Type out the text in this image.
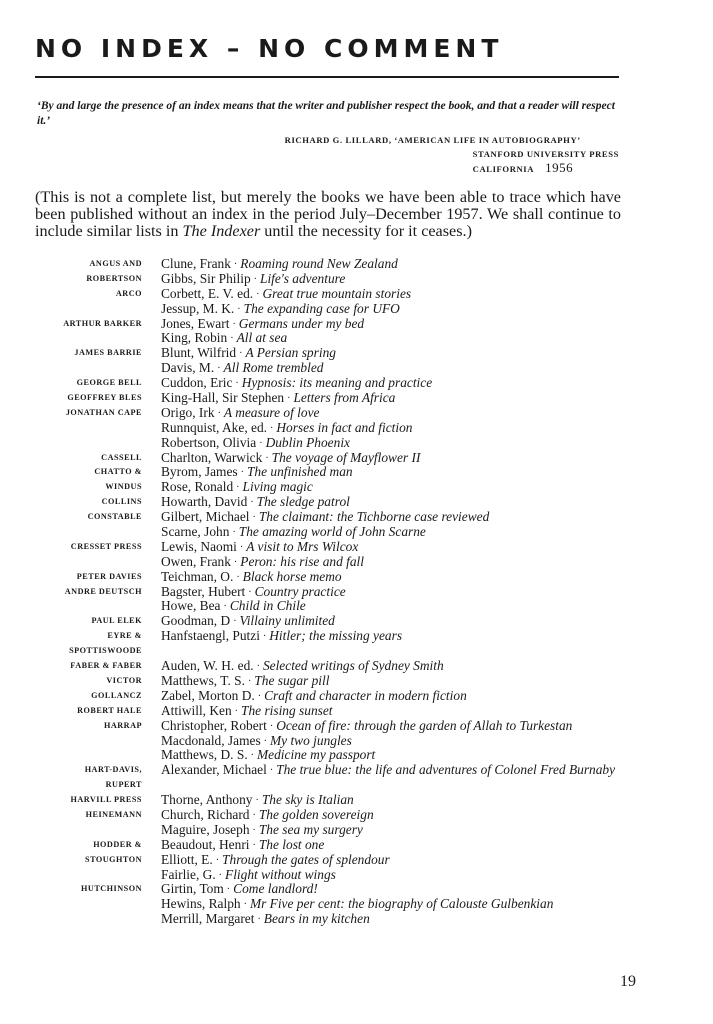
NO INDEX – NO COMMENT
‘By and large the presence of an index means that the writer and publisher respect the book, and that a reader will respect it.’
RICHARD G. LILLARD, ‘AMERICAN LIFE IN AUTOBIOGRAPHY’
STANFORD UNIVERSITY PRESS
CALIFORNIA 1956
(This is not a complete list, but merely the books we have been able to trace which have been published without an index in the period July–December 1957. We shall continue to include similar lists in The Indexer until the necessity for it ceases.)
ANGUS AND	Clune, Frank · Roaming round New Zealand
ROBERTSON	Gibbs, Sir Philip · Life's adventure
ARCO	Corbett, E. V. ed. · Great true mountain stories
Jessup, M. K. · The expanding case for UFO
ARTHUR BARKER	Jones, Ewart · Germans under my bed
King, Robin · All at sea
JAMES BARRIE	Blunt, Wilfrid · A Persian spring
Davis, M. · All Rome trembled
GEORGE BELL	Cuddon, Eric · Hypnosis: its meaning and practice
GEOFFREY BLES	King-Hall, Sir Stephen · Letters from Africa
JONATHAN CAPE	Origo, Irk · A measure of love
Runnquist, Ake, ed. · Horses in fact and fiction
Robertson, Olivia · Dublin Phoenix
CASSELL	Charlton, Warwick · The voyage of Mayflower II
CHATTO &	Byrom, James · The unfinished man
WINDUS	Rose, Ronald · Living magic
COLLINS	Howarth, David · The sledge patrol
CONSTABLE	Gilbert, Michael · The claimant: the Tichborne case reviewed
Scarne, John · The amazing world of John Scarne
CRESSET PRESS	Lewis, Naomi · A visit to Mrs Wilcox
Owen, Frank · Peron: his rise and fall
PETER DAVIES	Teichman, O. · Black horse memo
ANDRE DEUTSCH	Bagster, Hubert · Country practice
Howe, Bea · Child in Chile
PAUL ELEK	Goodman, D · Villainy unlimited
EYRE &	Hanfstaengl, Putzi · Hitler; the missing years
SPOTTISWOODE
FABER & FABER	Auden, W. H. ed. · Selected writings of Sydney Smith
VICTOR	Matthews, T. S. · The sugar pill
GOLLANCZ	Zabel, Morton D. · Craft and character in modern fiction
ROBERT HALE	Attiwill, Ken · The rising sunset
HARRAP	Christopher, Robert · Ocean of fire: through the garden of Allah to Turkestan
Macdonald, James · My two jungles
Matthews, D. S. · Medicine my passport
HART-DAVIS,	Alexander, Michael · The true blue: the life and adventures of Colonel Fred Burnaby
RUPERT
HARVILL PRESS	Thorne, Anthony · The sky is Italian
HEINEMANN	Church, Richard · The golden sovereign
Maguire, Joseph · The sea my surgery
HODDER &	Beaudout, Henri · The lost one
STOUGHTON	Elliott, E. · Through the gates of splendour
Fairlie, G. · Flight without wings
HUTCHINSON	Girtin, Tom · Come landlord!
Hewins, Ralph · Mr Five per cent: the biography of Calouste Gulbenkian
Merrill, Margaret · Bears in my kitchen
19
